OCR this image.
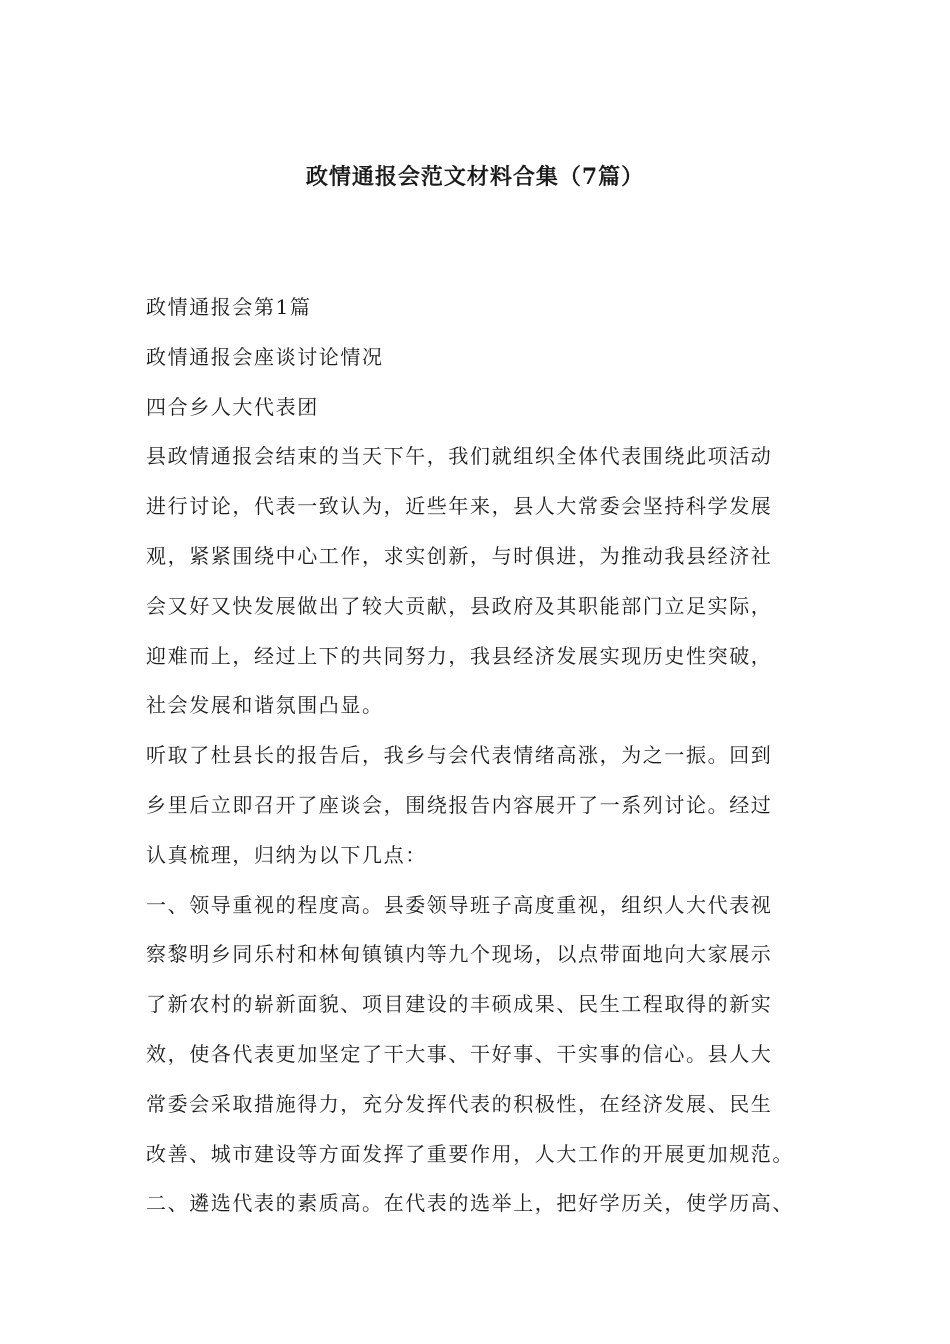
政情通报会范文材料合集（7篇）

政情通报会第1篇

政情通报会座谈讨论情况

四合乡人大代表团

县政情通报会结束的当天下午，我们就组织全体代表围绕此项活动

进行讨论，代表一致认为，近些年来，县人大常委会坚持科学发展

观，紧紧围绕中心工作，求实创新，与时俱进，为推动我县经济社

会又好又快发展做出了较大贡献，县政府及其职能部门立足实际，

迎难而上，经过上下的共同努力，我县经济发展实现历史性突破，

社会发展和谐氛围凸显。

听取了杜县长的报告后，我乡与会代表情绪高涨，为之一振。回到

乡里后立即召开了座谈会，围绕报告内容展开了一系列讨论。经过

认真梳理，归纳为以下几点：

一、领导重视的程度高。县委领导班子高度重视，组织人大代表视

察黎明乡同乐村和林甸镇镇内等九个现场，以点带面地向大家展示

了新农村的崭新面貌、项目建设的丰硕成果、民生工程取得的新实

效，使各代表更加坚定了干大事、干好事、干实事的信心。县人大

常委会采取措施得力，充分发挥代表的积极性，在经济发展、民生

改善、城市建设等方面发挥了重要作用，人大工作的开展更加规范。

二、遴选代表的素质高。在代表的选举上，把好学历关，使学历高、
